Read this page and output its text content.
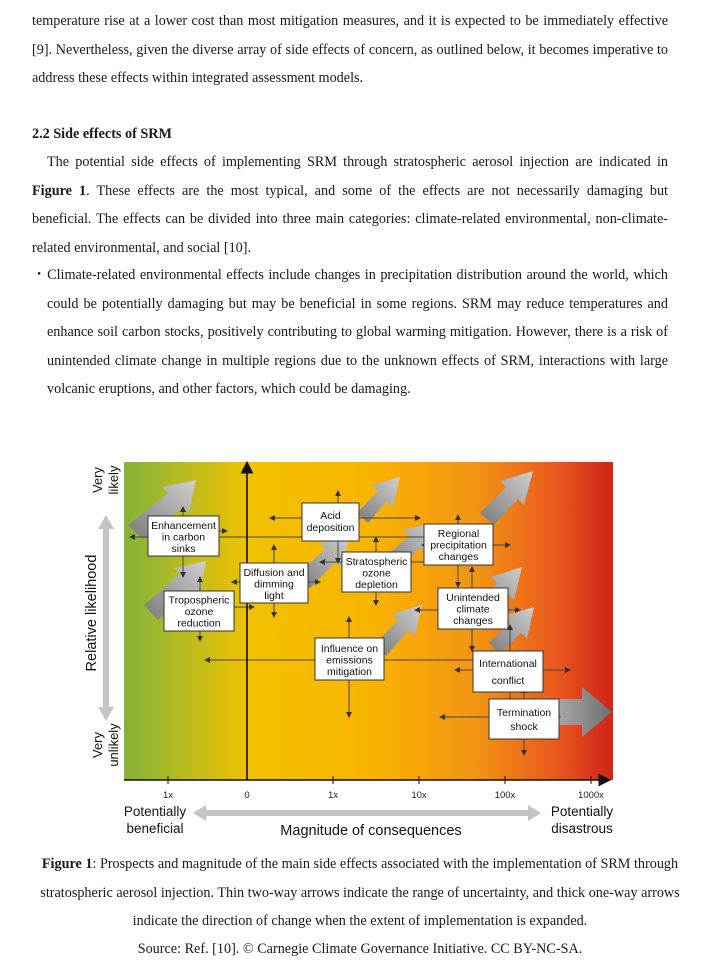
temperature rise at a lower cost than most mitigation measures, and it is expected to be immediately effective [9]. Nevertheless, given the diverse array of side effects of concern, as outlined below, it becomes imperative to address these effects within integrated assessment models.

2.2 Side effects of SRM

The potential side effects of implementing SRM through stratospheric aerosol injection are indicated in Figure 1. These effects are the most typical, and some of the effects are not necessarily damaging but beneficial. The effects can be divided into three main categories: climate-related environmental, non-climate-related environmental, and social [10].

・Climate-related environmental effects include changes in precipitation distribution around the world, which could be potentially damaging but may be beneficial in some regions. SRM may reduce temperatures and enhance soil carbon stocks, positively contributing to global warming mitigation. However, there is a risk of unintended climate change in multiple regions due to the unknown effects of SRM, interactions with large volcanic eruptions, and other factors, which could be damaging.

1x	0	1x	10x	100x	1000x
Very likely
Relative likelihood
Very unlikely
Potentially
beneficial	Magnitude of consequences
Potentially
disastrous
Enhancement
in carbon
sinks
Tropospheric
ozone
reduction
Diffusion and
dimming
light
Acid
deposition
Stratospheric
ozone
depletion
Regional
precipitation
changes
Unintended
climate
changes
Influence on
emissions
mitigation
International
conflict
Termination
shock

Figure 1: Prospects and magnitude of the main side effects associated with the implementation of SRM through stratospheric aerosol injection. Thin two-way arrows indicate the range of uncertainty, and thick one-way arrows indicate the direction of change when the extent of implementation is expanded.

Source: Ref. [10]. © Carnegie Climate Governance Initiative. CC BY-NC-SA.
